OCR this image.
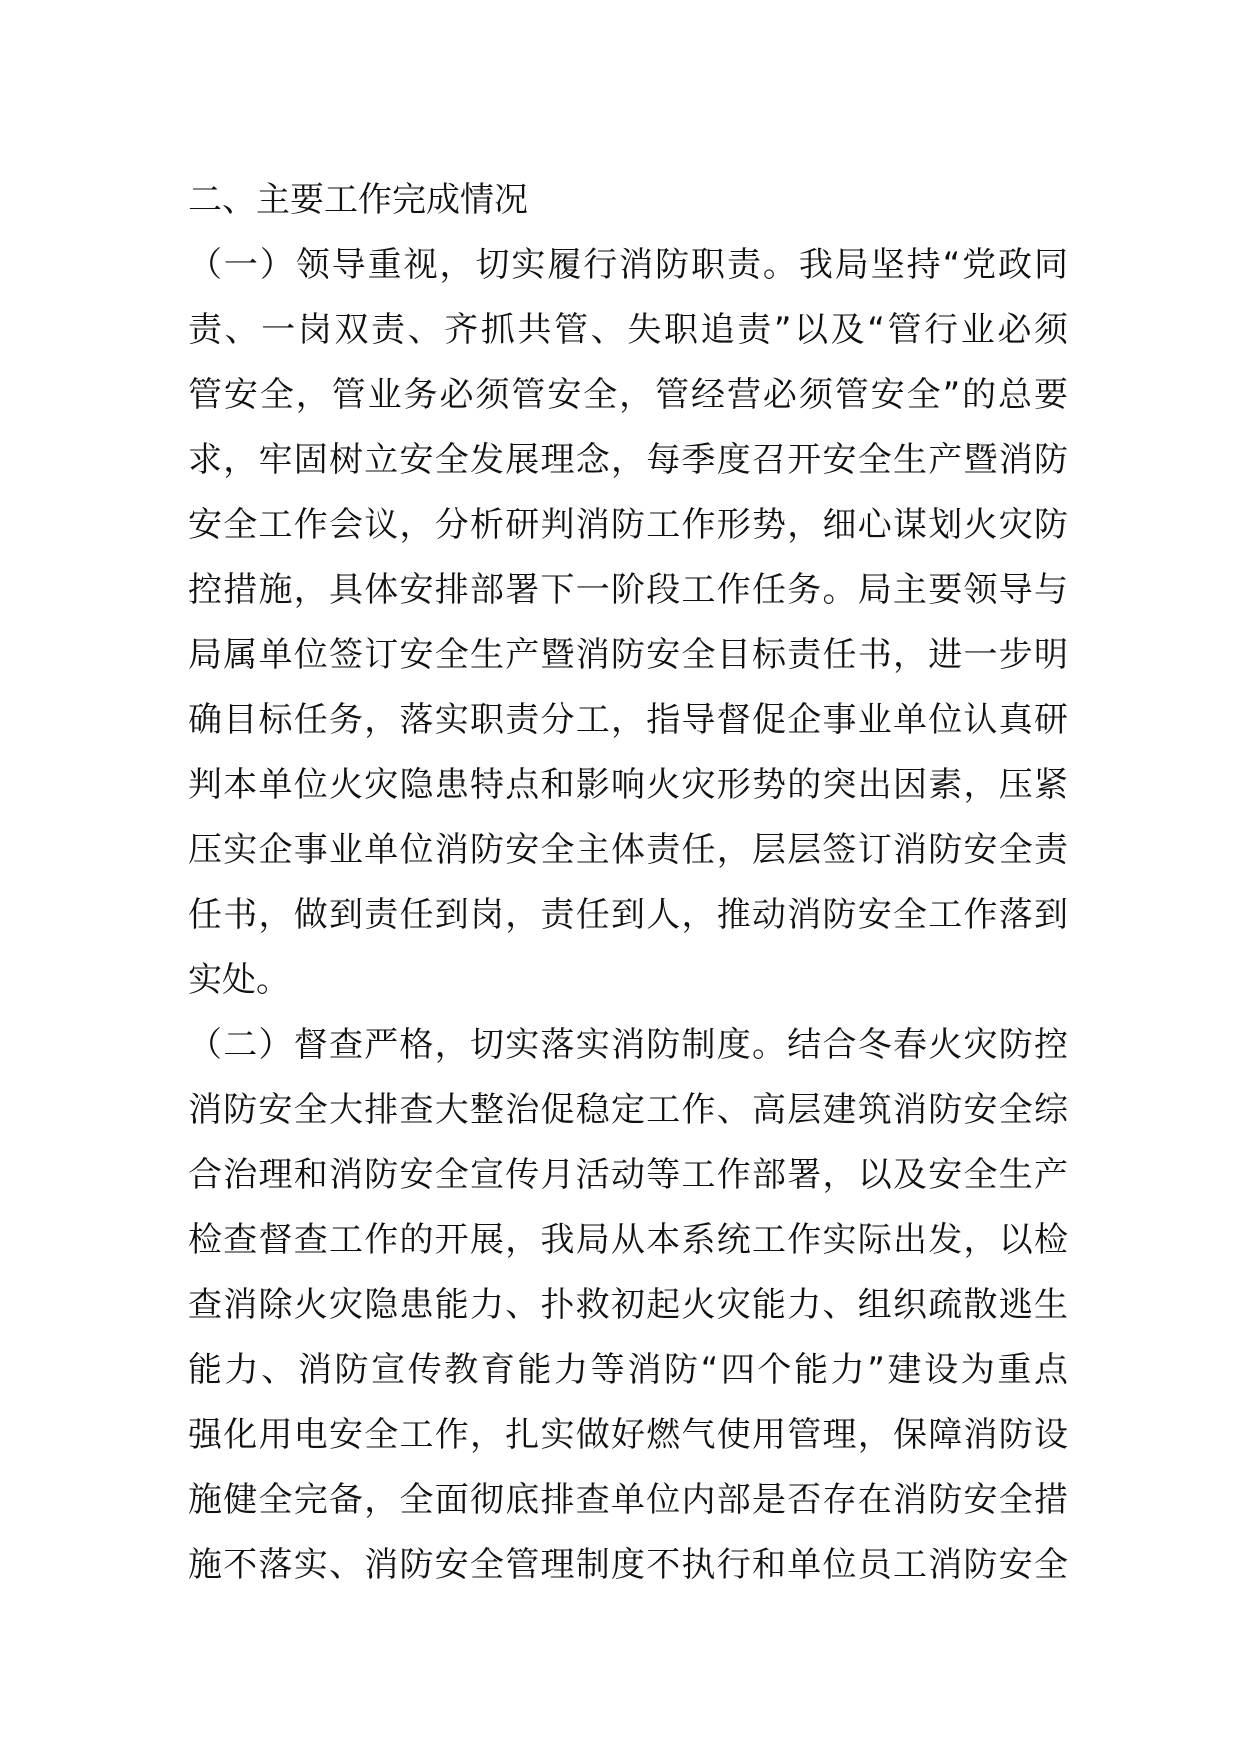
二、主要工作完成情况
（一）领导重视，切实履行消防职责。我局坚持“党政同
责、一岗双责、齐抓共管、失职追责”以及“管行业必须
管安全，管业务必须管安全，管经营必须管安全”的总要
求，牢固树立安全发展理念，每季度召开安全生产暨消防
安全工作会议，分析研判消防工作形势，细心谋划火灾防
控措施，具体安排部署下一阶段工作任务。局主要领导与
局属单位签订安全生产暨消防安全目标责任书，进一步明
确目标任务，落实职责分工，指导督促企事业单位认真研
判本单位火灾隐患特点和影响火灾形势的突出因素，压紧
压实企事业单位消防安全主体责任，层层签订消防安全责
任书，做到责任到岗，责任到人，推动消防安全工作落到
实处。
（二）督查严格，切实落实消防制度。结合冬春火灾防控
消防安全大排查大整治促稳定工作、高层建筑消防安全综
合治理和消防安全宣传月活动等工作部署，以及安全生产
检查督查工作的开展，我局从本系统工作实际出发，以检
查消除火灾隐患能力、扑救初起火灾能力、组织疏散逃生
能力、消防宣传教育能力等消防“四个能力”建设为重点
强化用电安全工作，扎实做好燃气使用管理，保障消防设
施健全完备，全面彻底排查单位内部是否存在消防安全措
施不落实、消防安全管理制度不执行和单位员工消防安全
